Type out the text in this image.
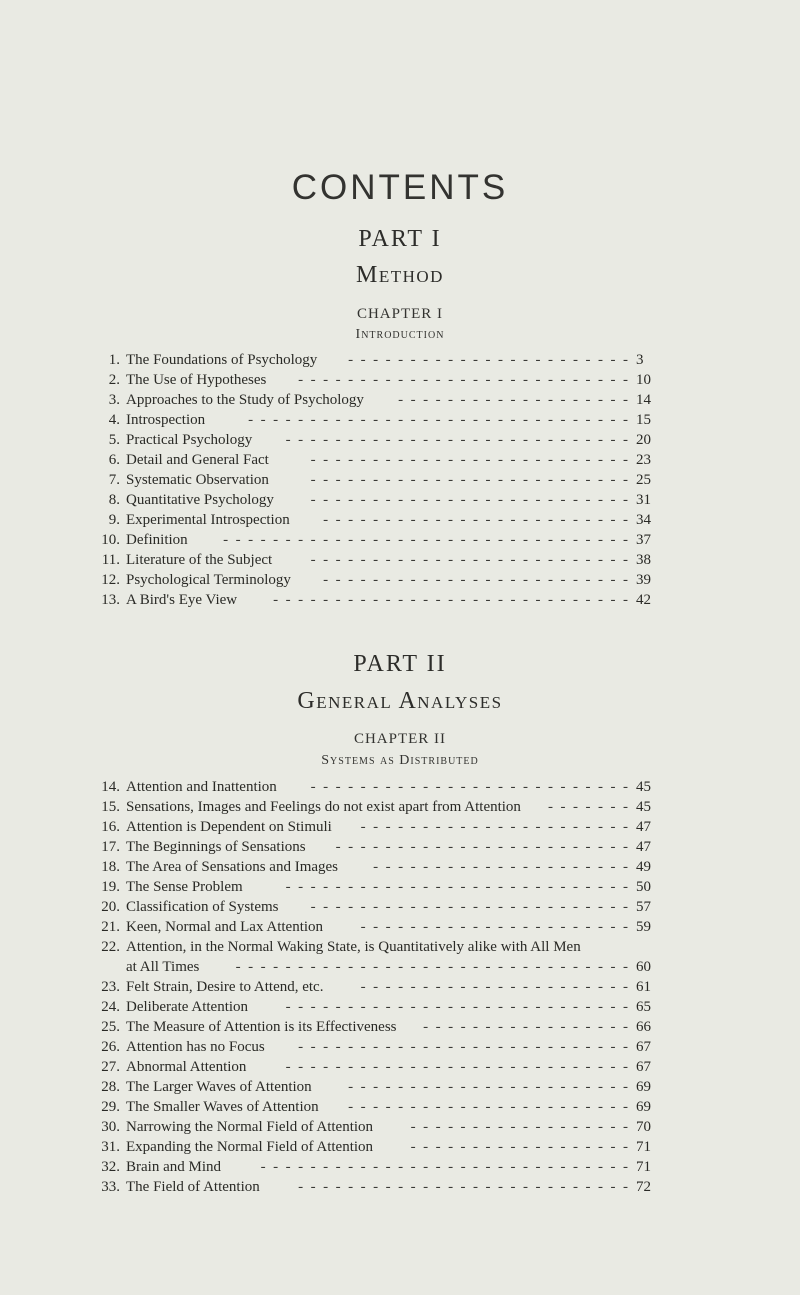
CONTENTS
PART I
Method
CHAPTER I
Introduction
1. The Foundations of Psychology -  -  -  -  -  -  -  -  -  -  -  -  -  -  -  -  -  -  -  -  -  -  - 3
2. The Use of Hypotheses -  -  -  -  -  -  -  -  -  -  -  -  -  -  -  -  -  -  -  -  -  -  -  -  -  -  - 10
3. Approaches to the Study of Psychology -  -  -  -  -  -  -  -  -  -  -  -  -  -  -  -  -  -  - 14
4. Introspection	-  -  -  -  -  -  -  -  -  -  -  -  -  -  -  -  -  -  -  -  -  -  -  -  -  -  -  -  -  -  - 15
5. Practical Psychology -  -  -  -  -  -  -  -  -  -  -  -  -  -  -  -  -  -  -  -  -  -  -  -  -  -  -  - 20
6. Detail and General Fact	-  -  -  -  -  -  -  -  -  -  -  -  -  -  -  -  -  -  -  -  -  -  -  -  -  - 23
7. Systematic Observation	-  -  -  -  -  -  -  -  -  -  -  -  -  -  -  -  -  -  -  -  -  -  -  -  -  - 25
8. Quantitative Psychology -  -  -  -  -  -  -  -  -  -  -  -  -  -  -  -  -  -  -  -  -  -  -  -  -  - 31
9. Experimental Introspection -  -  -  -  -  -  -  -  -  -  -  -  -  -  -  -  -  -  -  -  -  -  -  -  - 34
10. Definition -  -  -  -  -  -  -  -  -  -  -  -  -  -  -  -  -  -  -  -  -  -  -  -  -  -  -  -  -  -  -  -  - 37
11. Literature of the Subject	-  -  -  -  -  -  -  -  -  -  -  -  -  -  -  -  -  -  -  -  -  -  -  -  -  - 38
12. Psychological Terminology -  -  -  -  -  -  -  -  -  -  -  -  -  -  -  -  -  -  -  -  -  -  -  -  - 39
13. A Bird's Eye View -  -  -  -  -  -  -  -  -  -  -  -  -  -  -  -  -  -  -  -  -  -  -  -  -  -  -  -  - 42
PART II
General Analyses
CHAPTER II
Systems as Distributed
14. Attention and Inattention -  -  -  -  -  -  -  -  -  -  -  -  -  -  -  -  -  -  -  -  -  -  -  -  -  - 45
15. Sensations, Images and Feelings do not exist apart from Attention -  -  -  -  -  -  - 45
16. Attention is Dependent on Stimuli -  -  -  -  -  -  -  -  -  -  -  -  -  -  -  -  -  -  -  -  -  - 47
17. The Beginnings of Sensations -  -  -  -  -  -  -  -  -  -  -  -  -  -  -  -  -  -  -  -  -  -  -  - 47
18. The Area of Sensations and Images -  -  -  -  -  -  -  -  -  -  -  -  -  -  -  -  -  -  -  -  - 49
19. The Sense Problem	-  -  -  -  -  -  -  -  -  -  -  -  -  -  -  -  -  -  -  -  -  -  -  -  -  -  -  - 50
20. Classification of Systems -  -  -  -  -  -  -  -  -  -  -  -  -  -  -  -  -  -  -  -  -  -  -  -  -  - 57
21. Keen, Normal and Lax Attention	-  -  -  -  -  -  -  -  -  -  -  -  -  -  -  -  -  -  -  -  -  - 59
22. Attention, in the Normal Waking State, is Quantitatively alike with All Men
at All Times -  -  -  -  -  -  -  -  -  -  -  -  -  -  -  -  -  -  -  -  -  -  -  -  -  -  -  -  -  -  -  - 60
23. Felt Strain, Desire to Attend, etc. -  -  -  -  -  -  -  -  -  -  -  -  -  -  -  -  -  -  -  -  -  - 61
24. Deliberate Attention	-  -  -  -  -  -  -  -  -  -  -  -  -  -  -  -  -  -  -  -  -  -  -  -  -  -  -  - 65
25. The Measure of Attention is its Effectiveness -  -  -  -  -  -  -  -  -  -  -  -  -  -  -  -  - 66
26. Attention has no Focus -  -  -  -  -  -  -  -  -  -  -  -  -  -  -  -  -  -  -  -  -  -  -  -  -  -  - 67
27. Abnormal Attention	-  -  -  -  -  -  -  -  -  -  -  -  -  -  -  -  -  -  -  -  -  -  -  -  -  -  -  - 67
28. The Larger Waves of Attention -  -  -  -  -  -  -  -  -  -  -  -  -  -  -  -  -  -  -  -  -  -  - 69
29. The Smaller Waves of Attention -  -  -  -  -  -  -  -  -  -  -  -  -  -  -  -  -  -  -  -  -  -  - 69
30. Narrowing the Normal Field of Attention	-  -  -  -  -  -  -  -  -  -  -  -  -  -  -  -  -  - 70
31. Expanding the Normal Field of Attention	-  -  -  -  -  -  -  -  -  -  -  -  -  -  -  -  -  - 71
32. Brain and Mind	-  -  -  -  -  -  -  -  -  -  -  -  -  -  -  -  -  -  -  -  -  -  -  -  -  -  -  -  -  - 71
33. The Field of Attention	-  -  -  -  -  -  -  -  -  -  -  -  -  -  -  -  -  -  -  -  -  -  -  -  -  -  - 72
